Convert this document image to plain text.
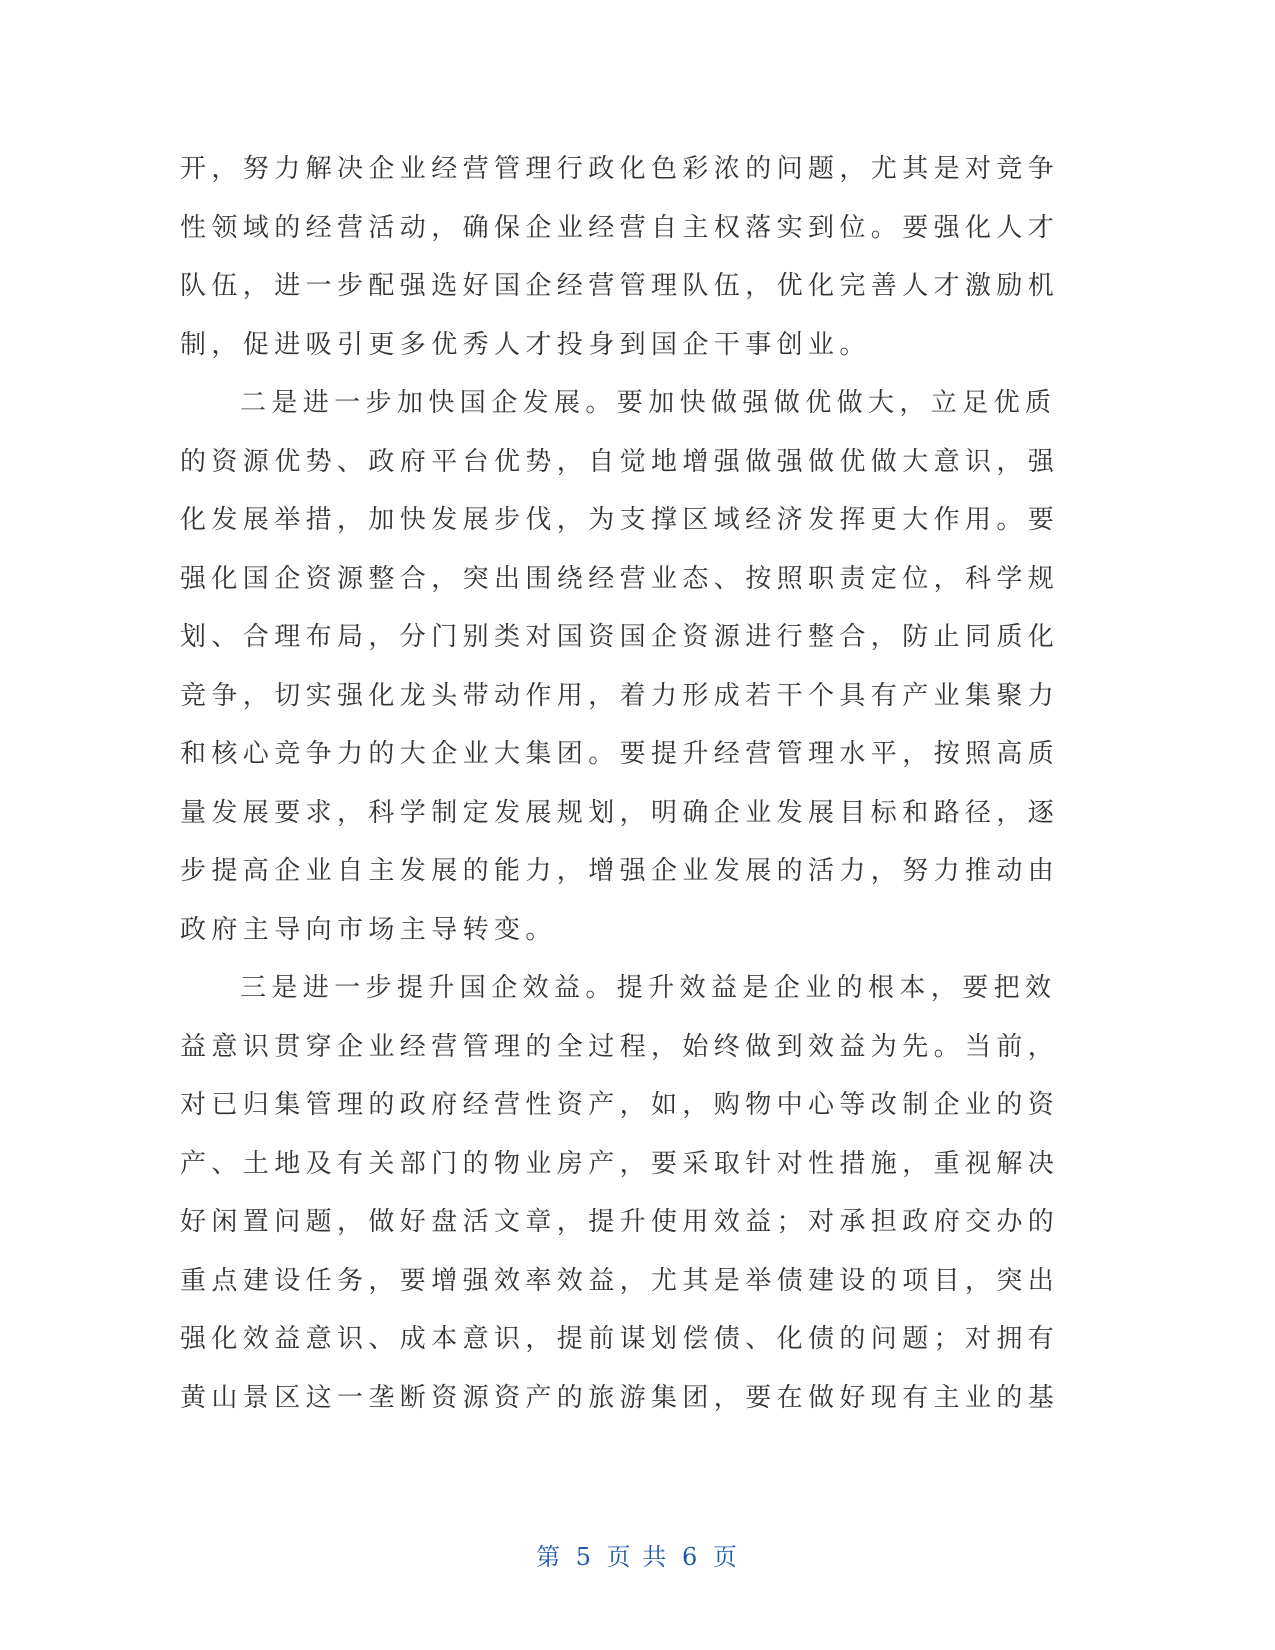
开，努力解决企业经营管理行政化色彩浓的问题，尤其是对竞争
性领域的经营活动，确保企业经营自主权落实到位。要强化人才
队伍，进一步配强选好国企经营管理队伍，优化完善人才激励机
制，促进吸引更多优秀人才投身到国企干事创业。
二是进一步加快国企发展。要加快做强做优做大，立足优质
的资源优势、政府平台优势，自觉地增强做强做优做大意识，强
化发展举措，加快发展步伐，为支撑区域经济发挥更大作用。要
强化国企资源整合，突出围绕经营业态、按照职责定位，科学规
划、合理布局，分门别类对国资国企资源进行整合，防止同质化
竞争，切实强化龙头带动作用，着力形成若干个具有产业集聚力
和核心竞争力的大企业大集团。要提升经营管理水平，按照高质
量发展要求，科学制定发展规划，明确企业发展目标和路径，逐
步提高企业自主发展的能力，增强企业发展的活力，努力推动由
政府主导向市场主导转变。
三是进一步提升国企效益。提升效益是企业的根本，要把效
益意识贯穿企业经营管理的全过程，始终做到效益为先。当前，
对已归集管理的政府经营性资产，如，购物中心等改制企业的资
产、土地及有关部门的物业房产，要采取针对性措施，重视解决
好闲置问题，做好盘活文章，提升使用效益；对承担政府交办的
重点建设任务，要增强效率效益，尤其是举债建设的项目，突出
强化效益意识、成本意识，提前谋划偿债、化债的问题；对拥有
黄山景区这一垄断资源资产的旅游集团，要在做好现有主业的基
第 5 页 共 6 页
